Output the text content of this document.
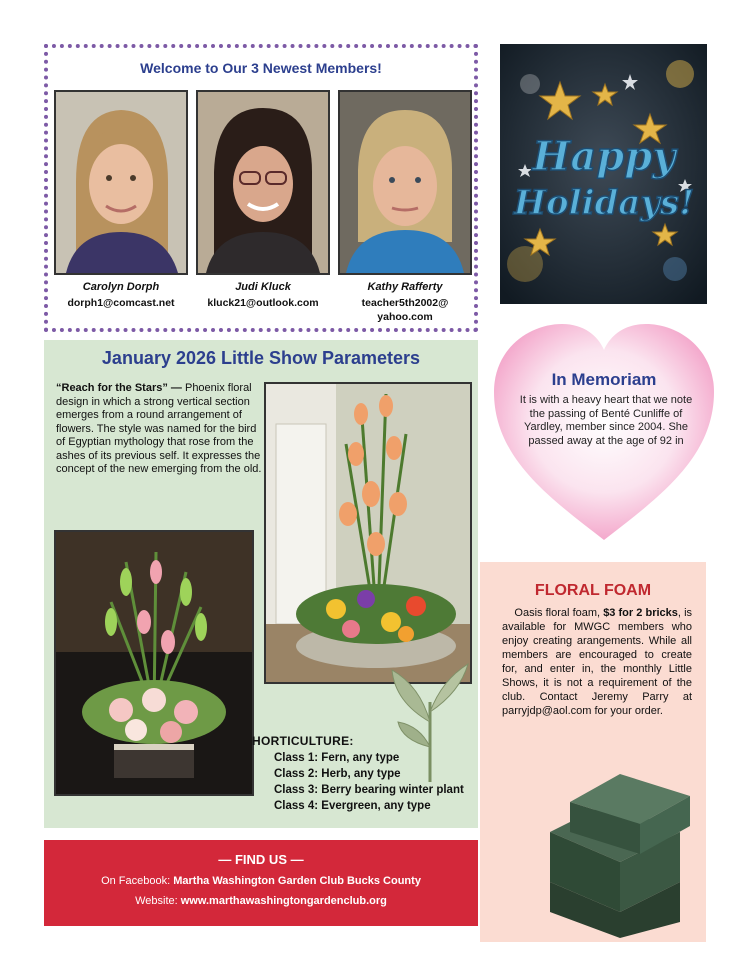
Welcome to Our 3 Newest Members!
Carolyn Dorph
dorph1@comcast.net
Judi Kluck
kluck21@outlook.com
Kathy Rafferty
teacher5th2002@
yahoo.com
Happy
Holidays!
January 2026 Little Show Parameters
“Reach for the Stars” — Phoenix floral design in which a strong vertical section emerges from a round arrangement of flowers. The style was named for the bird of Egyptian mythology that rose from the ashes of its previous self. It expresses the concept of the new emerging from the old.
HORTICULTURE:
Class 1: Fern, any type
Class 2: Herb, any type
Class 3: Berry bearing winter plant
Class 4: Evergreen, any type
In Memoriam
It is with a heavy heart that we note the passing of Benté Cunliffe of Yardley, member since 2004. She passed away at the age of 92 in
FLORAL FOAM
Oasis floral foam, $3 for 2 bricks, is available for MWGC members who enjoy creating arangements. While all members are encouraged to create for, and enter in, the monthly Little Shows, it is not a requirement of the club. Contact Jeremy Parry at parryjdp@aol.com for your order.
— FIND US —
On Facebook: Martha Washington Garden Club Bucks County
Website: www.marthawashingtongardenclub.org
